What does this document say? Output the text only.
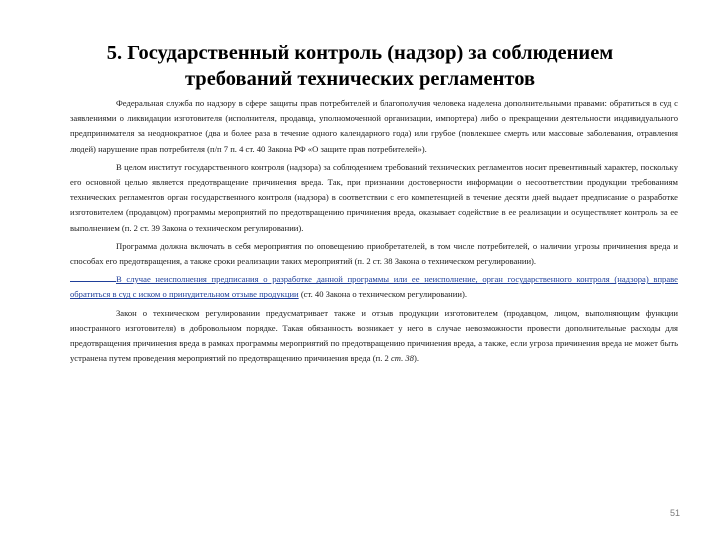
5. Государственный контроль (надзор) за соблюдением
требований технических регламентов

Федеральная служба по надзору в сфере защиты прав потребителей и благополучия человека наделена дополнительными правами: обратиться в суд с заявлениями о ликвидации изготовителя (исполнителя, продавца, уполномоченной организации, импортера) либо о прекращении деятельности индивидуального предпринимателя за неоднократное (два и более раза в течение одного календарного года) или грубое (повлекшее смерть или массовые заболевания, отравления людей) нарушение прав потребителя (п/п 7 п. 4 ст. 40 Закона РФ «О защите прав потребителей»).

В целом институт государственного контроля (надзора) за соблюдением требований технических регламентов носит превентивный характер, поскольку его основной целью является предотвращение причинения вреда. Так, при признании достоверности информации о несоответствии продукции требованиям технических регламентов орган государственного контроля (надзора) в соответствии с его компетенцией в течение десяти дней выдает предписание о разработке изготовителем (продавцом) программы мероприятий по предотвращению причинения вреда, оказывает содействие в ее реализации и осуществляет контроль за ее выполнением (п. 2 ст. 39 Закона о техническом регулировании).

Программа должна включать в себя мероприятия по оповещению приобретателей, в том числе потребителей, о наличии угрозы причинения вреда и способах его предотвращения, а также сроки реализации таких мероприятий (п. 2 ст. 38 Закона о техническом регулировании).

В случае неисполнения предписания о разработке данной программы или ее неисполнение, орган государственного контроля (надзора) вправе обратиться в суд с иском о принудительном отзыве продукции (ст. 40 Закона о техническом регулировании).

Закон о техническом регулировании предусматривает также и отзыв продукции изготовителем (продавцом, лицом, выполняющим функции иностранного изготовителя) в добровольном порядке. Такая обязанность возникает у него в случае невозможности провести дополнительные расходы для предотвращения причинения вреда в рамках программы мероприятий по предотвращению причинения вреда, а также, если угроза причинения вреда не может быть устранена путем проведения мероприятий по предотвращению причинения вреда (п. 2 ст. 38).

51
